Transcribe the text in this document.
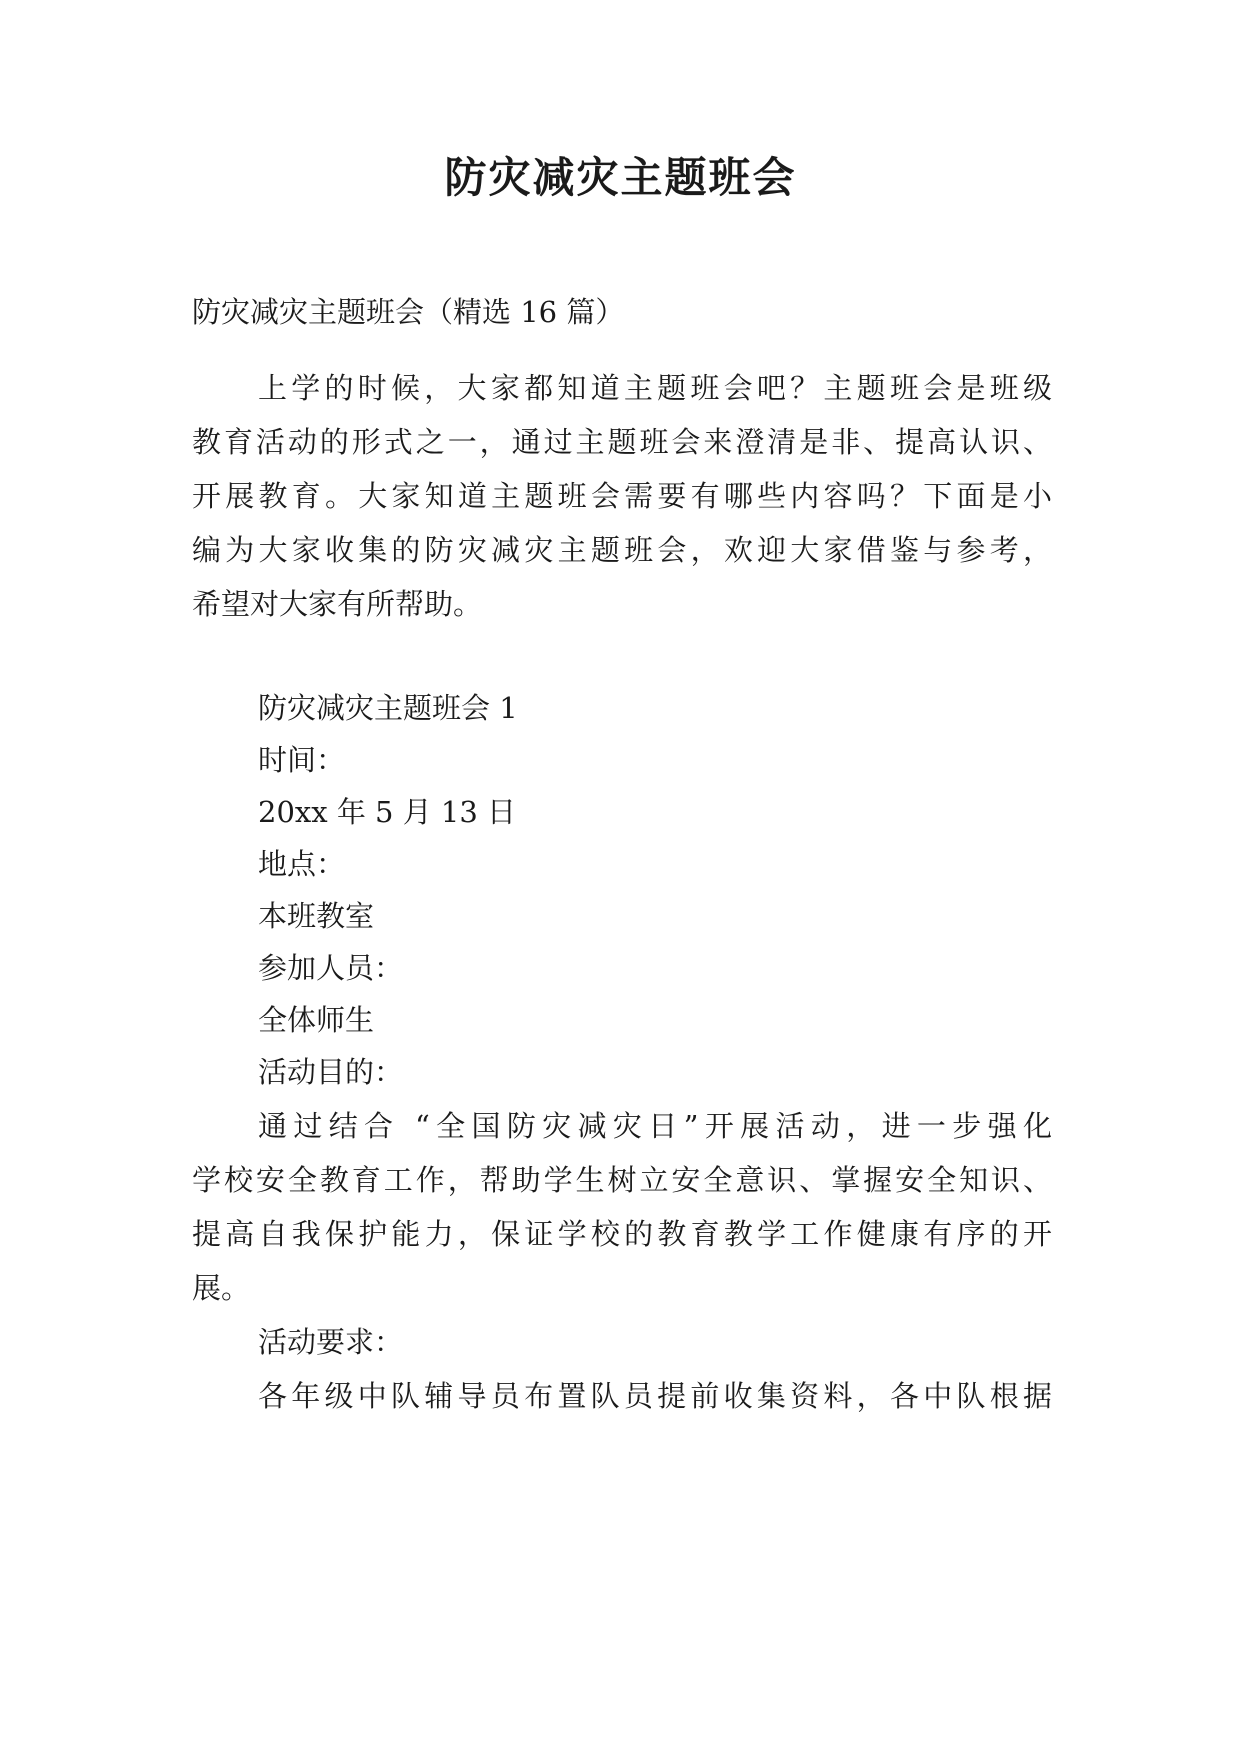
防灾减灾主题班会
防灾减灾主题班会（精选 16 篇）
上学的时候，大家都知道主题班会吧？主题班会是班级
教育活动的形式之一，通过主题班会来澄清是非、提高认识、
开展教育。大家知道主题班会需要有哪些内容吗？下面是小
编为大家收集的防灾减灾主题班会，欢迎大家借鉴与参考，
希望对大家有所帮助。
防灾减灾主题班会 1
时间：
20xx 年 5 月 13 日
地点：
本班教室
参加人员：
全体师生
活动目的：
通过结合 “全国防灾减灾日”开展活动，进一步强化
学校安全教育工作，帮助学生树立安全意识、掌握安全知识、
提高自我保护能力，保证学校的教育教学工作健康有序的开
展。
活动要求：
各年级中队辅导员布置队员提前收集资料，各中队根据
